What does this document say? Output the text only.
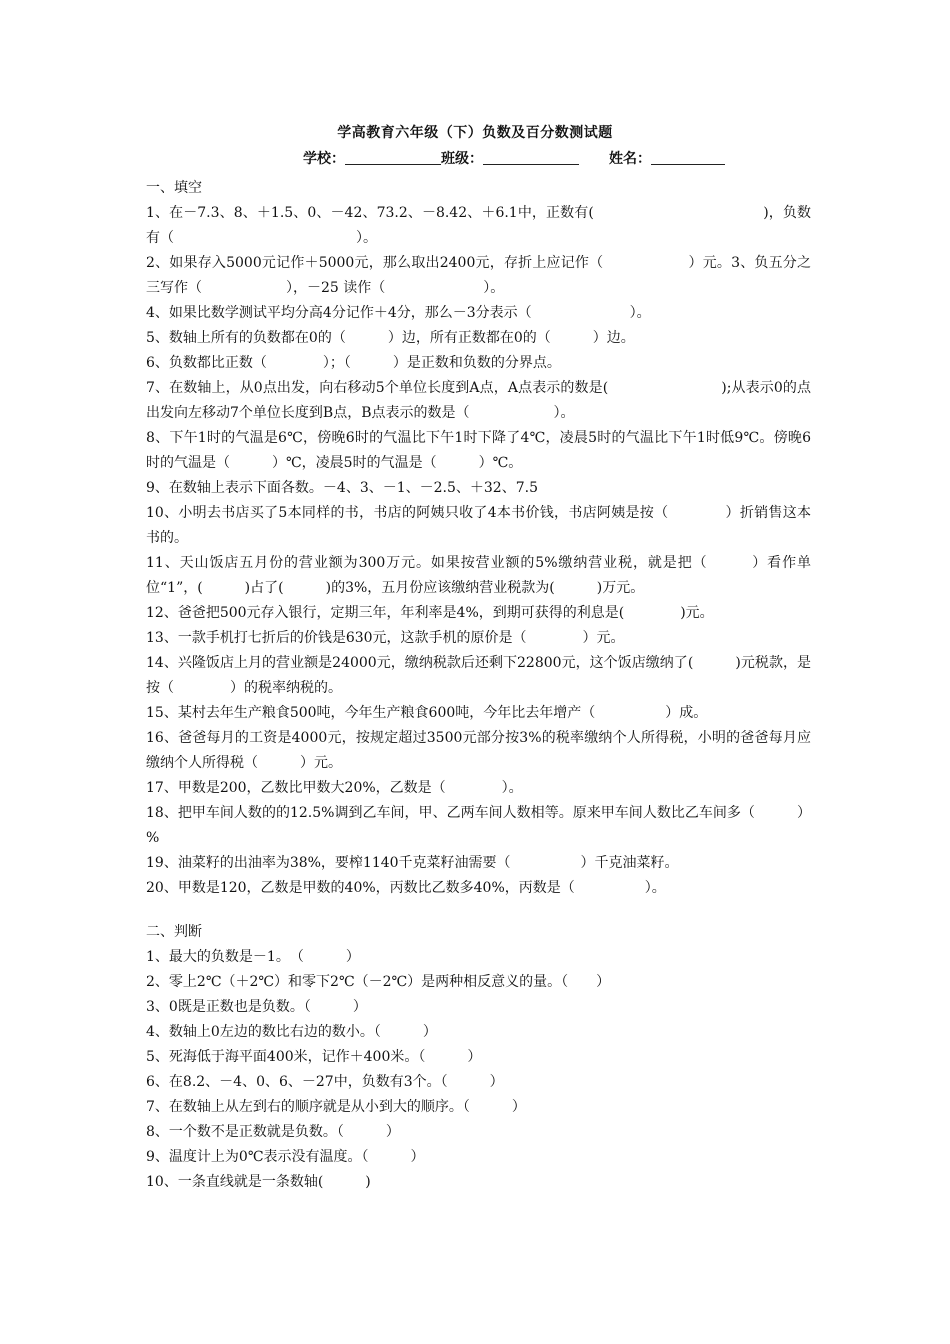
学高教育六年级（下）负数及百分数测试题
学校：	班级：	姓名：
一、填空
1、在－7.3、8、＋1.5、0、－42、73.2、－8.42、＋6.1中，正数有(　　　　　　　　　　　　)，负数有（　　　　　　　　　　　　　）。
2、如果存入5000元记作＋5000元，那么取出2400元，存折上应记作（　　　　　　）元。3、负五分之三写作（　　　　　　），－25 读作（　　　　　　　）。
4、如果比数学测试平均分高4分记作＋4分，那么－3分表示（　　　　　　　）。
5、数轴上所有的负数都在0的（　　　）边，所有正数都在0的（　　　）边。
6、负数都比正数（　　　　）；（　　　）是正数和负数的分界点。
7、在数轴上，从0点出发，向右移动5个单位长度到A点，A点表示的数是(　　　　　　　　);从表示0的点出发向左移动7个单位长度到B点，B点表示的数是（　　　　　　）。
8、下午1时的气温是6℃，傍晚6时的气温比下午1时下降了4℃，凌晨5时的气温比下午1时低9℃。傍晚6时的气温是（　　　）℃，凌晨5时的气温是（　　　）℃。
9、在数轴上表示下面各数。－4、3、－1、－2.5、＋32、7.5
10、小明去书店买了5本同样的书，书店的阿姨只收了4本书价钱，书店阿姨是按（　　　　）折销售这本书的。
11、天山饭店五月份的营业额为300万元。如果按营业额的5%缴纳营业税，就是把（　　　）看作单位“1”，(　　　)占了(　　　)的3%，五月份应该缴纳营业税款为(　　　)万元。
12、爸爸把500元存入银行，定期三年，年利率是4%，到期可获得的利息是(　　　　)元。
13、一款手机打七折后的价钱是630元，这款手机的原价是（　　　　）元。
14、兴隆饭店上月的营业额是24000元，缴纳税款后还剩下22800元，这个饭店缴纳了(　　　)元税款，是按（　　　　）的税率纳税的。
15、某村去年生产粮食500吨，今年生产粮食600吨，今年比去年增产（　　　　　）成。
16、爸爸每月的工资是4000元，按规定超过3500元部分按3%的税率缴纳个人所得税，小明的爸爸每月应缴纳个人所得税（　　　）元。
17、甲数是200，乙数比甲数大20%，乙数是（　　　　）。
18、把甲车间人数的的12.5%调到乙车间，甲、乙两车间人数相等。原来甲车间人数比乙车间多（　　　）%
19、油菜籽的出油率为38%，要榨1140千克菜籽油需要（　　　　　）千克油菜籽。
20、甲数是120，乙数是甲数的40%，丙数比乙数多40%，丙数是（　　　　　）。
二、判断
1、最大的负数是－1。　（　　　）
2、零上2℃（＋2℃）和零下2℃（－2℃）是两种相反意义的量。（　　）
3、0既是正数也是负数。（　　　）
4、数轴上0左边的数比右边的数小。（　　　）
5、死海低于海平面400米，记作＋400米。（　　　）
6、在8.2、－4、0、6、－27中，负数有3个。（　　　）
7、在数轴上从左到右的顺序就是从小到大的顺序。（　　　）
8、一个数不是正数就是负数。（　　　）
9、温度计上为0℃表示没有温度。（　　　）
10、一条直线就是一条数轴(　　　)
